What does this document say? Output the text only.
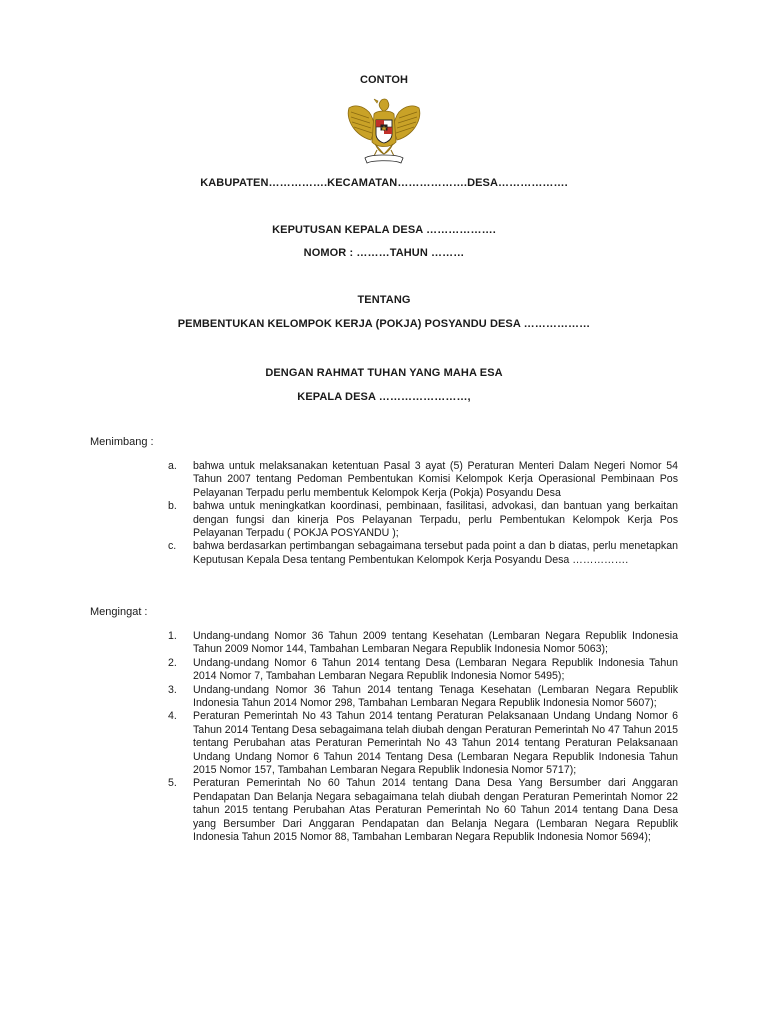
CONTOH
KABUPATEN…………….KECAMATAN……………….DESA……………….
KEPUTUSAN KEPALA DESA ……………….
NOMOR : ………TAHUN ………
TENTANG
PEMBENTUKAN KELOMPOK KERJA (POKJA) POSYANDU DESA ………………
DENGAN RAHMAT TUHAN YANG MAHA ESA
KEPALA DESA ……………………,
Menimbang :
a. bahwa untuk melaksanakan ketentuan Pasal 3 ayat (5) Peraturan Menteri Dalam Negeri Nomor 54 Tahun 2007 tentang Pedoman Pembentukan Komisi Kelompok Kerja Operasional Pembinaan Pos Pelayanan Terpadu perlu membentuk Kelompok Kerja (Pokja) Posyandu Desa
b. bahwa untuk meningkatkan koordinasi, pembinaan, fasilitasi, advokasi, dan bantuan yang berkaitan dengan fungsi dan kinerja Pos Pelayanan Terpadu, perlu Pembentukan Kelompok Kerja Pos Pelayanan Terpadu ( POKJA POSYANDU );
c. bahwa berdasarkan pertimbangan sebagaimana tersebut pada point a dan b diatas, perlu menetapkan Keputusan Kepala Desa tentang Pembentukan Kelompok Kerja Posyandu Desa …………….
Mengingat :
1. Undang-undang Nomor 36 Tahun 2009 tentang Kesehatan (Lembaran Negara Republik Indonesia Tahun 2009 Nomor 144, Tambahan Lembaran Negara Republik Indonesia Nomor 5063);
2. Undang-undang Nomor 6 Tahun 2014 tentang Desa (Lembaran Negara Republik Indonesia Tahun 2014 Nomor 7, Tambahan Lembaran Negara Republik Indonesia Nomor 5495);
3. Undang-undang Nomor 36 Tahun 2014 tentang Tenaga Kesehatan (Lembaran Negara Republik Indonesia Tahun 2014 Nomor 298, Tambahan Lembaran Negara Republik Indonesia Nomor 5607);
4. Peraturan Pemerintah No 43 Tahun 2014 tentang Peraturan Pelaksanaan Undang Undang Nomor 6 Tahun 2014 Tentang Desa sebagaimana telah diubah dengan Peraturan Pemerintah No 47 Tahun 2015 tentang Perubahan atas Peraturan Pemerintah No 43 Tahun 2014 tentang Peraturan Pelaksanaan Undang Undang Nomor 6 Tahun 2014 Tentang Desa (Lembaran Negara Republik Indonesia Tahun 2015 Nomor 157, Tambahan Lembaran Negara Republik Indonesia Nomor 5717);
5. Peraturan Pemerintah No 60 Tahun 2014 tentang Dana Desa Yang Bersumber dari Anggaran Pendapatan Dan Belanja Negara sebagaimana telah diubah dengan Peraturan Pemerintah Nomor 22 tahun 2015 tentang Perubahan Atas Peraturan Pemerintah No 60 Tahun 2014 tentang Dana Desa yang Bersumber Dari Anggaran Pendapatan dan Belanja Negara (Lembaran Negara Republik Indonesia Tahun 2015 Nomor 88, Tambahan Lembaran Negara Republik Indonesia Nomor 5694);
